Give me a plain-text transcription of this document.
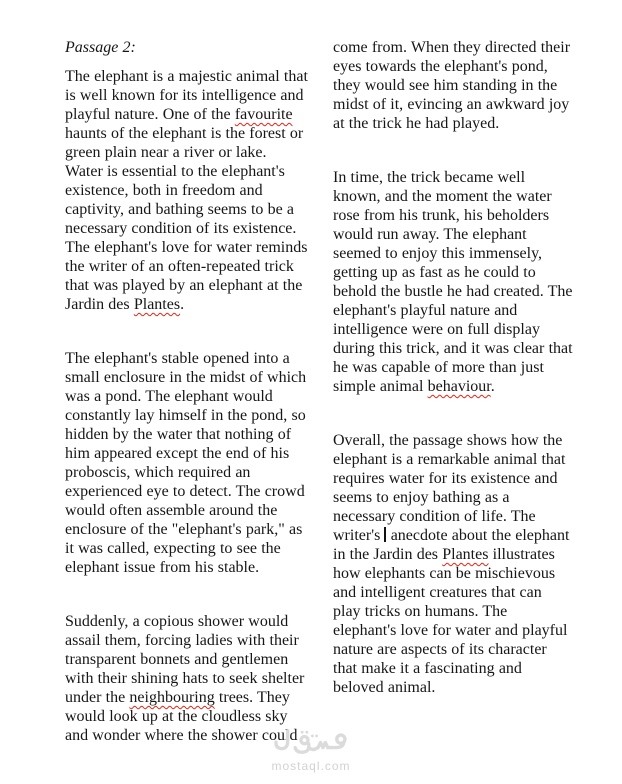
Passage 2:

The elephant is a majestic animal that is well known for its intelligence and playful nature. One of the favourite haunts of the elephant is the forest or green plain near a river or lake. Water is essential to the elephant's existence, both in freedom and captivity, and bathing seems to be a necessary condition of its existence. The elephant's love for water reminds the writer of an often-repeated trick that was played by an elephant at the Jardin des Plantes.

The elephant's stable opened into a small enclosure in the midst of which was a pond. The elephant would constantly lay himself in the pond, so hidden by the water that nothing of him appeared except the end of his proboscis, which required an experienced eye to detect. The crowd would often assemble around the enclosure of the "elephant's park," as it was called, expecting to see the elephant issue from his stable.

Suddenly, a copious shower would assail them, forcing ladies with their transparent bonnets and gentlemen with their shining hats to seek shelter under the neighbouring trees. They would look up at the cloudless sky and wonder where the shower could

come from. When they directed their eyes towards the elephant's pond, they would see him standing in the midst of it, evincing an awkward joy at the trick he had played.

In time, the trick became well known, and the moment the water rose from his trunk, his beholders would run away. The elephant seemed to enjoy this immensely, getting up as fast as he could to behold the bustle he had created. The elephant's playful nature and intelligence were on full display during this trick, and it was clear that he was capable of more than just simple animal behaviour.

Overall, the passage shows how the elephant is a remarkable animal that requires water for its existence and seems to enjoy bathing as a necessary condition of life. The writer's anecdote about the elephant in the Jardin des Plantes illustrates how elephants can be mischievous and intelligent creatures that can play tricks on humans. The elephant's love for water and playful nature are aspects of its character that make it a fascinating and beloved animal.

mostaql.com
